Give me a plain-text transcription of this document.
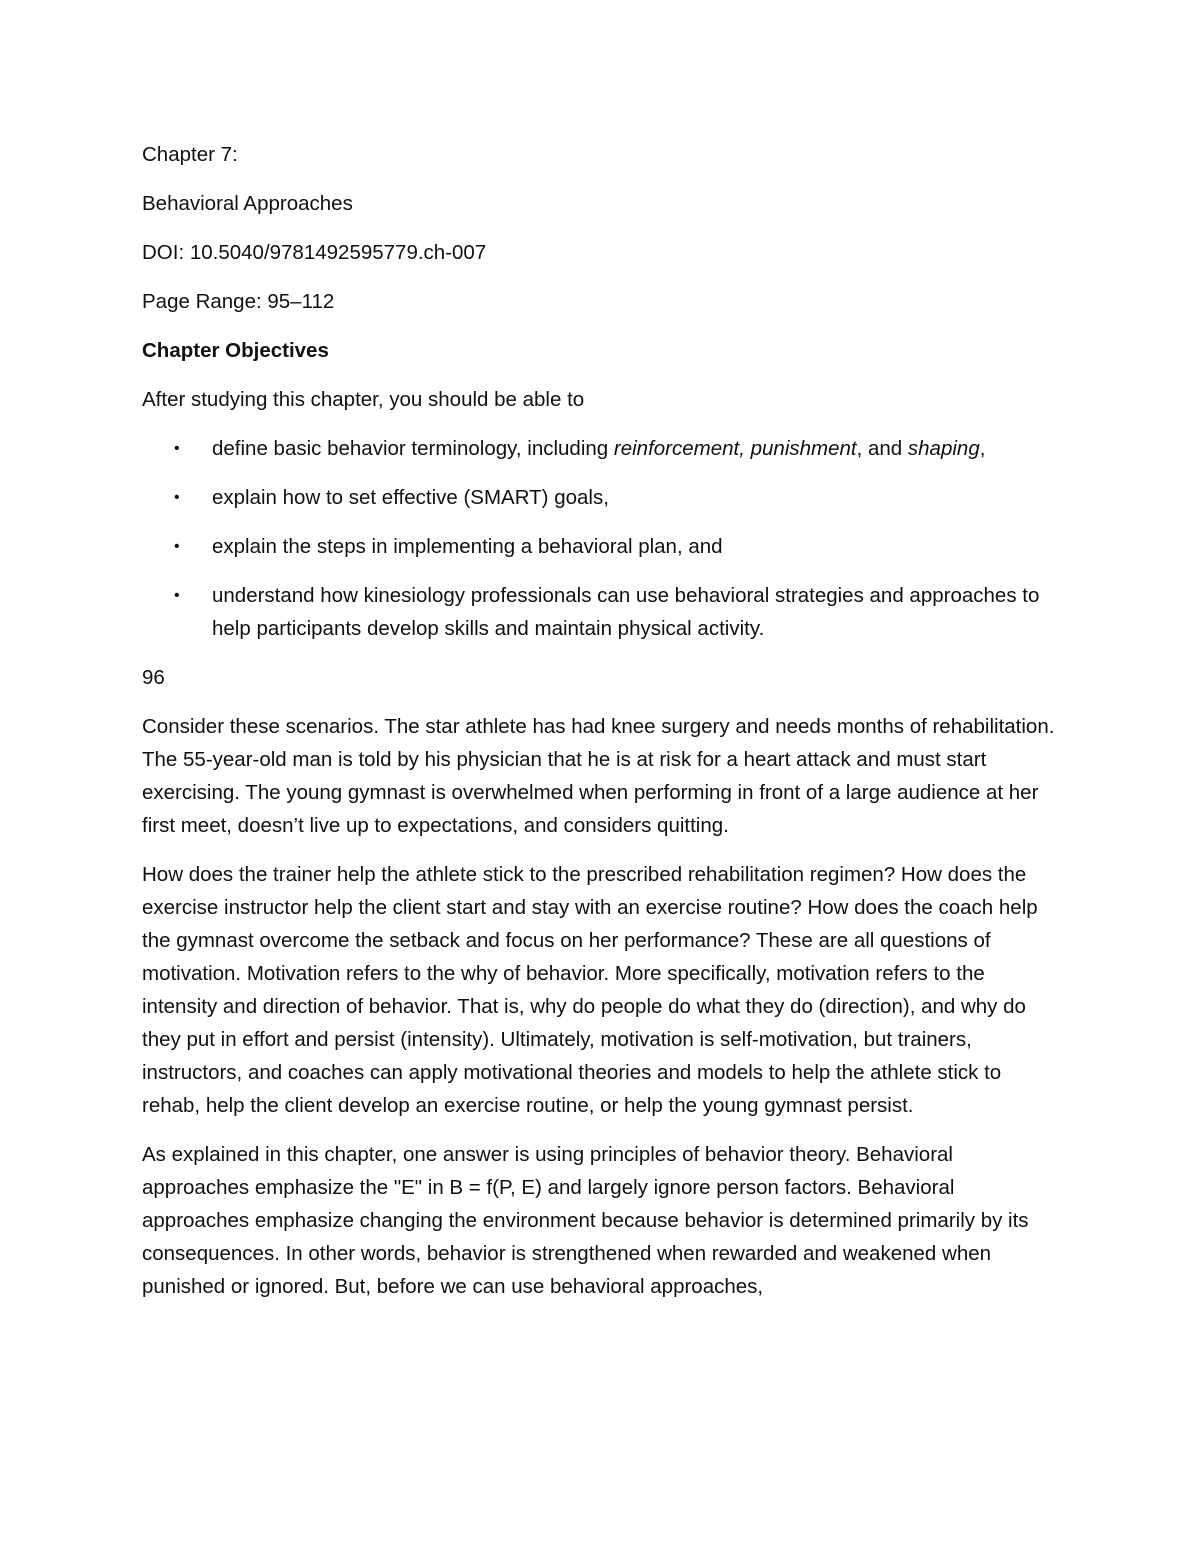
Chapter 7:

Behavioral Approaches

DOI: 10.5040/9781492595779.ch-007

Page Range: 95–112

Chapter Objectives

After studying this chapter, you should be able to

• define basic behavior terminology, including reinforcement, punishment, and shaping,
• explain how to set effective (SMART) goals,
• explain the steps in implementing a behavioral plan, and
• understand how kinesiology professionals can use behavioral strategies and approaches to help participants develop skills and maintain physical activity.

96

Consider these scenarios. The star athlete has had knee surgery and needs months of rehabilitation. The 55-year-old man is told by his physician that he is at risk for a heart attack and must start exercising. The young gymnast is overwhelmed when performing in front of a large audience at her first meet, doesn’t live up to expectations, and considers quitting.

How does the trainer help the athlete stick to the prescribed rehabilitation regimen? How does the exercise instructor help the client start and stay with an exercise routine? How does the coach help the gymnast overcome the setback and focus on her performance? These are all questions of motivation. Motivation refers to the why of behavior. More specifically, motivation refers to the intensity and direction of behavior. That is, why do people do what they do (direction), and why do they put in effort and persist (intensity). Ultimately, motivation is self-motivation, but trainers, instructors, and coaches can apply motivational theories and models to help the athlete stick to rehab, help the client develop an exercise routine, or help the young gymnast persist.

As explained in this chapter, one answer is using principles of behavior theory. Behavioral approaches emphasize the "E" in B = f(P, E) and largely ignore person factors. Behavioral approaches emphasize changing the environment because behavior is determined primarily by its consequences. In other words, behavior is strengthened when rewarded and weakened when punished or ignored. But, before we can use behavioral approaches,
